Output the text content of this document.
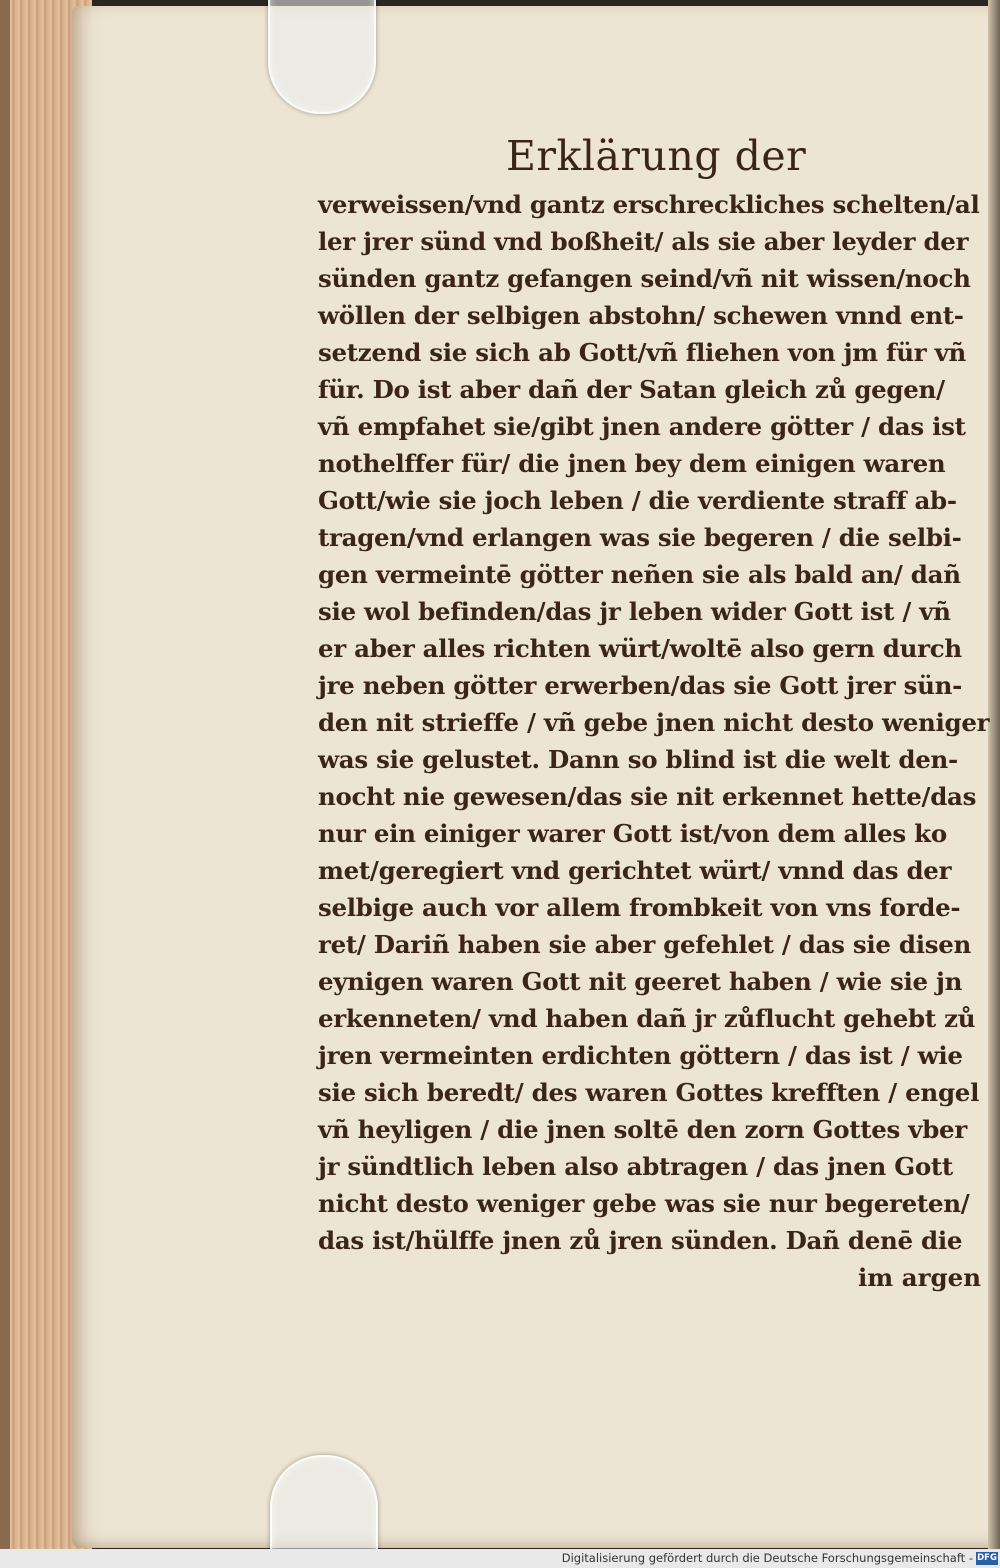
Erklärung der
verweissen/vnd gantz erschreckliches schelten/al
ler jrer sünd vnd boßheit/ als sie aber leyder der
sünden gantz gefangen seind/vñ nit wissen/noch
wöllen der selbigen abstohn/ schewen vnnd ent-
setzend sie sich ab Gott/vñ fliehen von jm für vñ
für. Do ist aber dañ der Satan gleich zů gegen/
vñ empfahet sie/gibt jnen andere götter / das ist
nothelffer für/ die jnen bey dem einigen waren
Gott/wie sie joch leben / die verdiente straff ab-
tragen/vnd erlangen was sie begeren / die selbi-
gen vermeintē götter neñen sie als bald an/ dañ
sie wol befinden/das jr leben wider Gott ist / vñ
er aber alles richten würt/woltē also gern durch
jre neben götter erwerben/das sie Gott jrer sün-
den nit strieffe / vñ gebe jnen nicht desto weniger
was sie gelustet. Dann so blind ist die welt den-
nocht nie gewesen/das sie nit erkennet hette/das
nur ein einiger warer Gott ist/von dem alles ko
met/geregiert vnd gerichtet würt/ vnnd das der
selbige auch vor allem frombkeit von vns forde-
ret/ Dariñ haben sie aber gefehlet / das sie disen
eynigen waren Gott nit geeret haben / wie sie jn
erkenneten/ vnd haben dañ jr zůflucht gehebt zů
jren vermeinten erdichten göttern / das ist / wie
sie sich beredt/ des waren Gottes krefften / engel
vñ heyligen / die jnen soltē den zorn Gottes vber
jr sündtlich leben also abtragen / das jnen Gott
nicht desto weniger gebe was sie nur begereten/
das ist/hülffe jnen zů jren sünden. Dañ denē die
im argen
Digitalisierung gefördert durch die Deutsche Forschungsgemeinschaft - DFG
